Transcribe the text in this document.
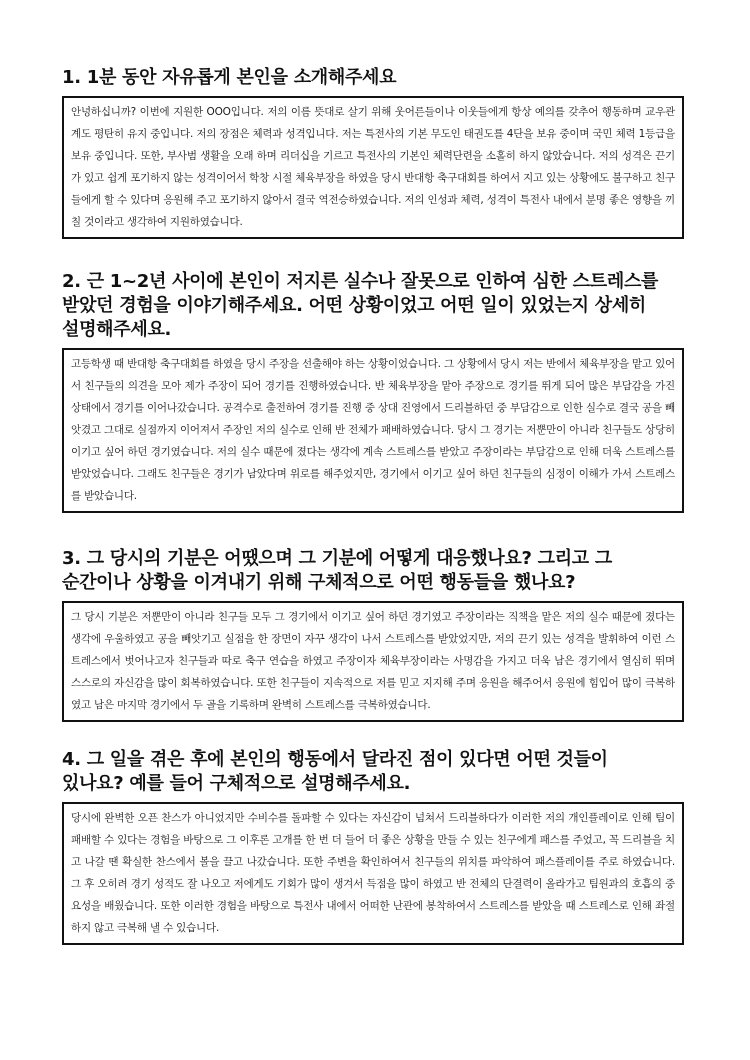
1. 1분 동안 자유롭게 본인을 소개해주세요
안녕하십니까? 이번에 지원한 OOO입니다. 저의 이름 뜻대로 살기 위해 웃어른들이나 이웃들에게 항상 예의를 갖추어 행동하며 교우관계도 평탄히 유지 중입니다. 저의 장점은 체력과 성격입니다. 저는 특전사의 기본 무도인 태권도를 4단을 보유 중이며 국민 체력 1등급을 보유 중입니다. 또한, 부사범 생활을 오래 하며 리더십을 기르고 특전사의 기본인 체력단련을 소홀히 하지 않았습니다. 저의 성격은 끈기가 있고 쉽게 포기하지 않는 성격이어서 학창 시절 체육부장을 하였을 당시 반대항 축구대회를 하여서 지고 있는 상황에도 불구하고 친구들에게 할 수 있다며 응원해 주고 포기하지 않아서 결국 역전승하였습니다. 저의 인성과 체력, 성격이 특전사 내에서 분명 좋은 영향을 끼칠 것이라고 생각하여 지원하였습니다.
2. 근 1~2년 사이에 본인이 저지른 실수나 잘못으로 인하여 심한 스트레스를
받았던 경험을 이야기해주세요. 어떤 상황이었고 어떤 일이 있었는지 상세히
설명해주세요.
고등학생 때 반대항 축구대회를 하였을 당시 주장을 선출해야 하는 상황이었습니다. 그 상황에서 당시 저는 반에서 체육부장을 맡고 있어서 친구들의 의견을 모아 제가 주장이 되어 경기를 진행하였습니다. 반 체육부장을 맡아 주장으로 경기를 뛰게 되어 많은 부담감을 가진 상태에서 경기를 이어나갔습니다. 공격수로 출전하여 경기를 진행 중 상대 진영에서 드리블하던 중 부담감으로 인한 실수로 결국 공을 빼앗겼고 그대로 실점까지 이어져서 주장인 저의 실수로 인해 반 전체가 패배하였습니다. 당시 그 경기는 저뿐만이 아니라 친구들도 상당히 이기고 싶어 하던 경기였습니다. 저의 실수 때문에 졌다는 생각에 계속 스트레스를 받았고 주장이라는 부담감으로 인해 더욱 스트레스를 받았었습니다. 그래도 친구들은 경기가 남았다며 위로를 해주었지만, 경기에서 이기고 싶어 하던 친구들의 심정이 이해가 가서 스트레스를 받았습니다.
3. 그 당시의 기분은 어땠으며 그 기분에 어떻게 대응했나요? 그리고 그
순간이나 상황을 이겨내기 위해 구체적으로 어떤 행동들을 했나요?
그 당시 기분은 저뿐만이 아니라 친구들 모두 그 경기에서 이기고 싶어 하던 경기였고 주장이라는 직책을 맡은 저의 실수 때문에 졌다는 생각에 우울하였고 공을 빼앗기고 실점을 한 장면이 자꾸 생각이 나서 스트레스를 받았었지만, 저의 끈기 있는 성격을 발휘하여 이런 스트레스에서 벗어나고자 친구들과 따로 축구 연습을 하였고 주장이자 체육부장이라는 사명감을 가지고 더욱 남은 경기에서 열심히 뛰며 스스로의 자신감을 많이 회복하였습니다. 또한 친구들이 지속적으로 저를 믿고 지지해 주며 응원을 해주어서 응원에 힘입어 많이 극복하였고 남은 마지막 경기에서 두 골을 기록하며 완벽히 스트레스를 극복하였습니다.
4. 그 일을 겪은 후에 본인의 행동에서 달라진 점이 있다면 어떤 것들이
있나요? 예를 들어 구체적으로 설명해주세요.
당시에 완벽한 오픈 찬스가 아니었지만 수비수를 돌파할 수 있다는 자신감이 넘쳐서 드리블하다가 이러한 저의 개인플레이로 인해 팀이 패배할 수 있다는 경험을 바탕으로 그 이후론 고개를 한 번 더 들어 더 좋은 상황을 만들 수 있는 친구에게 패스를 주었고, 꼭 드리블을 치고 나갈 땐 확실한 찬스에서 볼을 끌고 나갔습니다. 또한 주변을 확인하여서 친구들의 위치를 파악하여 패스플레이를 주로 하였습니다. 그 후 오히려 경기 성적도 잘 나오고 저에게도 기회가 많이 생겨서 득점을 많이 하였고 반 전체의 단결력이 올라가고 팀원과의 호흡의 중요성을 배웠습니다. 또한 이러한 경험을 바탕으로 특전사 내에서 어떠한 난관에 봉착하여서 스트레스를 받았을 때 스트레스로 인해 좌절하지 않고 극복해 낼 수 있습니다.
